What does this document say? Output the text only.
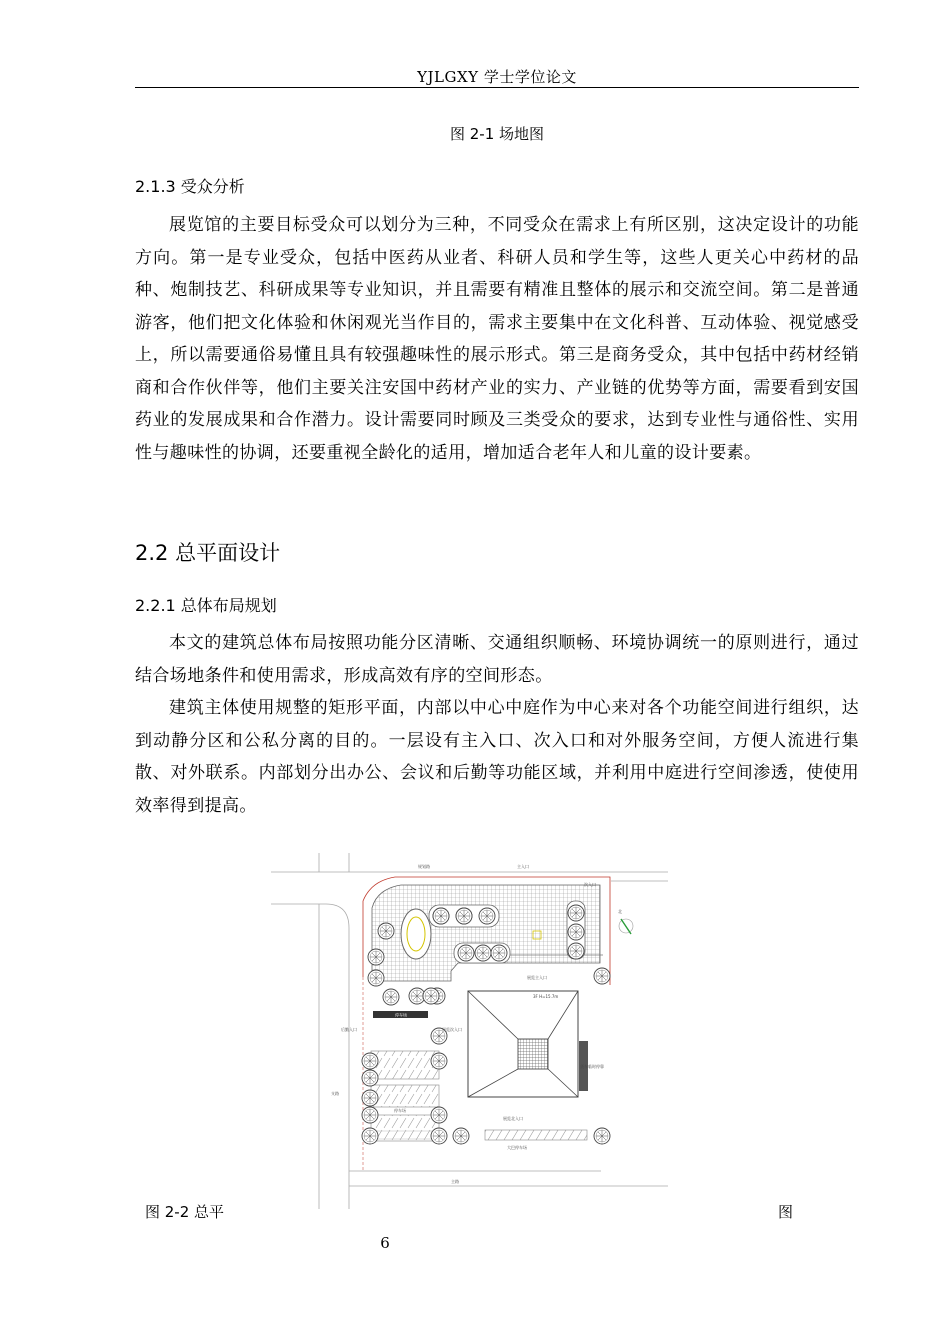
YJLGXY 学士学位论文
图 2-1 场地图
2.1.3 受众分析

展览馆的主要目标受众可以划分为三种，不同受众在需求上有所区别，这决定设计的功能方向。第一是专业受众，包括中医药从业者、科研人员和学生等，这些人更关心中药材的品种、炮制技艺、科研成果等专业知识，并且需要有精准且整体的展示和交流空间。第二是普通游客，他们把文化体验和休闲观光当作目的，需求主要集中在文化科普、互动体验、视觉感受上，所以需要通俗易懂且具有较强趣味性的展示形式。第三是商务受众，其中包括中药材经销商和合作伙伴等，他们主要关注安国中药材产业的实力、产业链的优势等方面，需要看到安国药业的发展成果和合作潜力。设计需要同时顾及三类受众的要求，达到专业性与通俗性、实用性与趣味性的协调，还要重视全龄化的适用，增加适合老年人和儿童的设计要素。

2.2 总平面设计
2.2.1 总体布局规划

本文的建筑总体布局按照功能分区清晰、交通组织顺畅、环境协调统一的原则进行，通过结合场地条件和使用需求，形成高效有序的空间形态。

建筑主体使用规整的矩形平面，内部以中心中庭作为中心来对各个功能空间进行组织，达到动静分区和公私分离的目的。一层设有主入口、次入口和对外服务空间，方便人流进行集散、对外联系。内部划分出办公、会议和后勤等功能区域，并利用中庭进行空间渗透，使使用效率得到提高。

停车场
北
规划路	主入口
次入口
展览主入口
3F H=15.7m
展览次入口
后勤入口
支路
停车场
展览北入口
大巴停车场
主路
货车临时停靠
图 2-2 总平	图
6
